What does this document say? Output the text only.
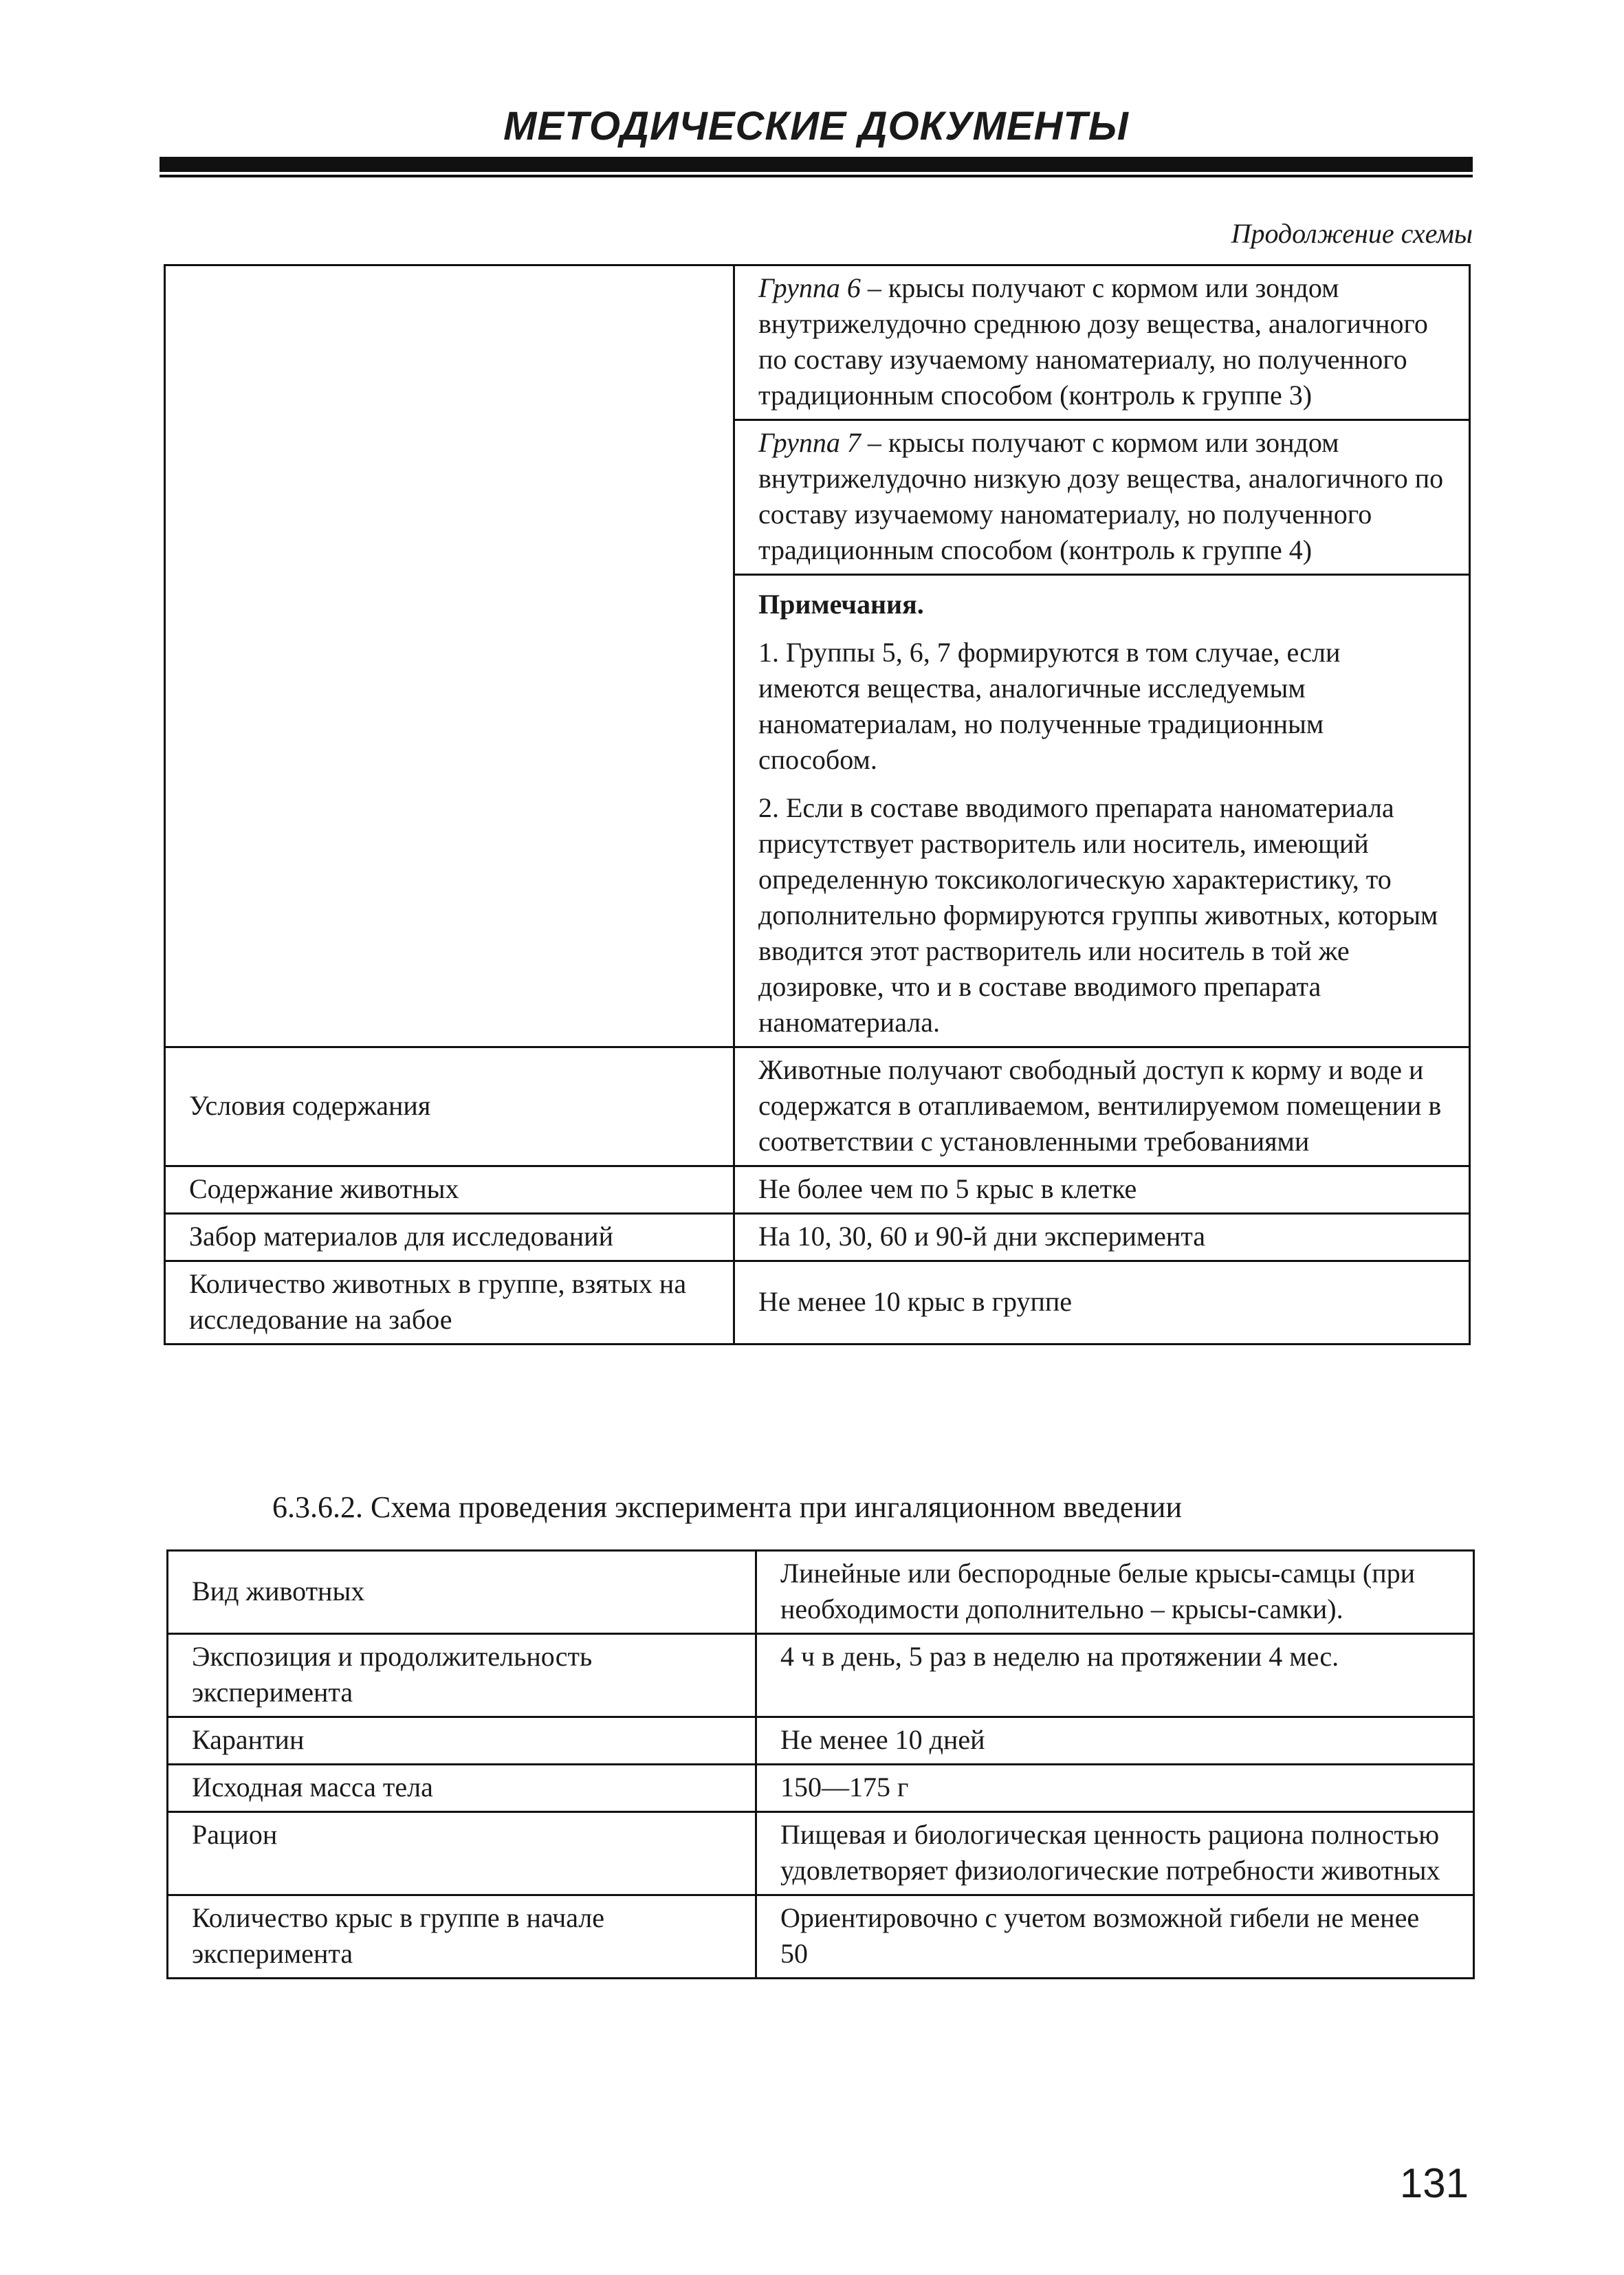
МЕТОДИЧЕСКИЕ ДОКУМЕНТЫ
Продолжение схемы
	Группа 6 – крысы получают с кормом или зондом внутрижелудочно среднюю дозу вещества, аналогичного по составу изучаемому наноматериалу, но полученного традиционным способом (контроль к группе 3)
	Группа 7 – крысы получают с кормом или зондом внутрижелудочно низкую дозу вещества, аналогичного по составу изучаемому наноматериалу, но полученного традиционным способом (контроль к группе 4)

	Примечания.

1. Группы 5, 6, 7 формируются в том случае, если имеются вещества, аналогичные исследуемым наноматериалам, но полученные традиционным способом.

2. Если в составе вводимого препарата наноматериала присутствует растворитель или носитель, имеющий определенную токсикологическую характеристику, то дополнительно формируются группы животных, которым вводится этот растворитель или носитель в той же дозировке, что и в составе вводимого препарата наноматериала.

Условия содержания	Животные получают свободный доступ к корму и воде и содержатся в отапливаемом, вентилируемом помещении в соответствии с установленными требованиями
Содержание животных	Не более чем по 5 крыс в клетке
Забор материалов для исследований	На 10, 30, 60 и 90-й дни эксперимента
Количество животных в группе, взятых на исследование на забое	Не менее 10 крыс в группе
6.3.6.2. Схема проведения эксперимента при ингаляционном введении
Вид животных	Линейные или беспородные белые крысы-самцы (при необходимости дополнительно – крысы-самки).
Экспозиция и продолжительность эксперимента	4 ч в день, 5 раз в неделю на протяжении 4 мес.
Карантин	Не менее 10 дней
Исходная масса тела	150—175 г
Рацион	Пищевая и биологическая ценность рациона полностью удовлетворяет физиологические потребности животных
Количество крыс в группе в начале эксперимента	Ориентировочно с учетом возможной гибели не менее 50
131
